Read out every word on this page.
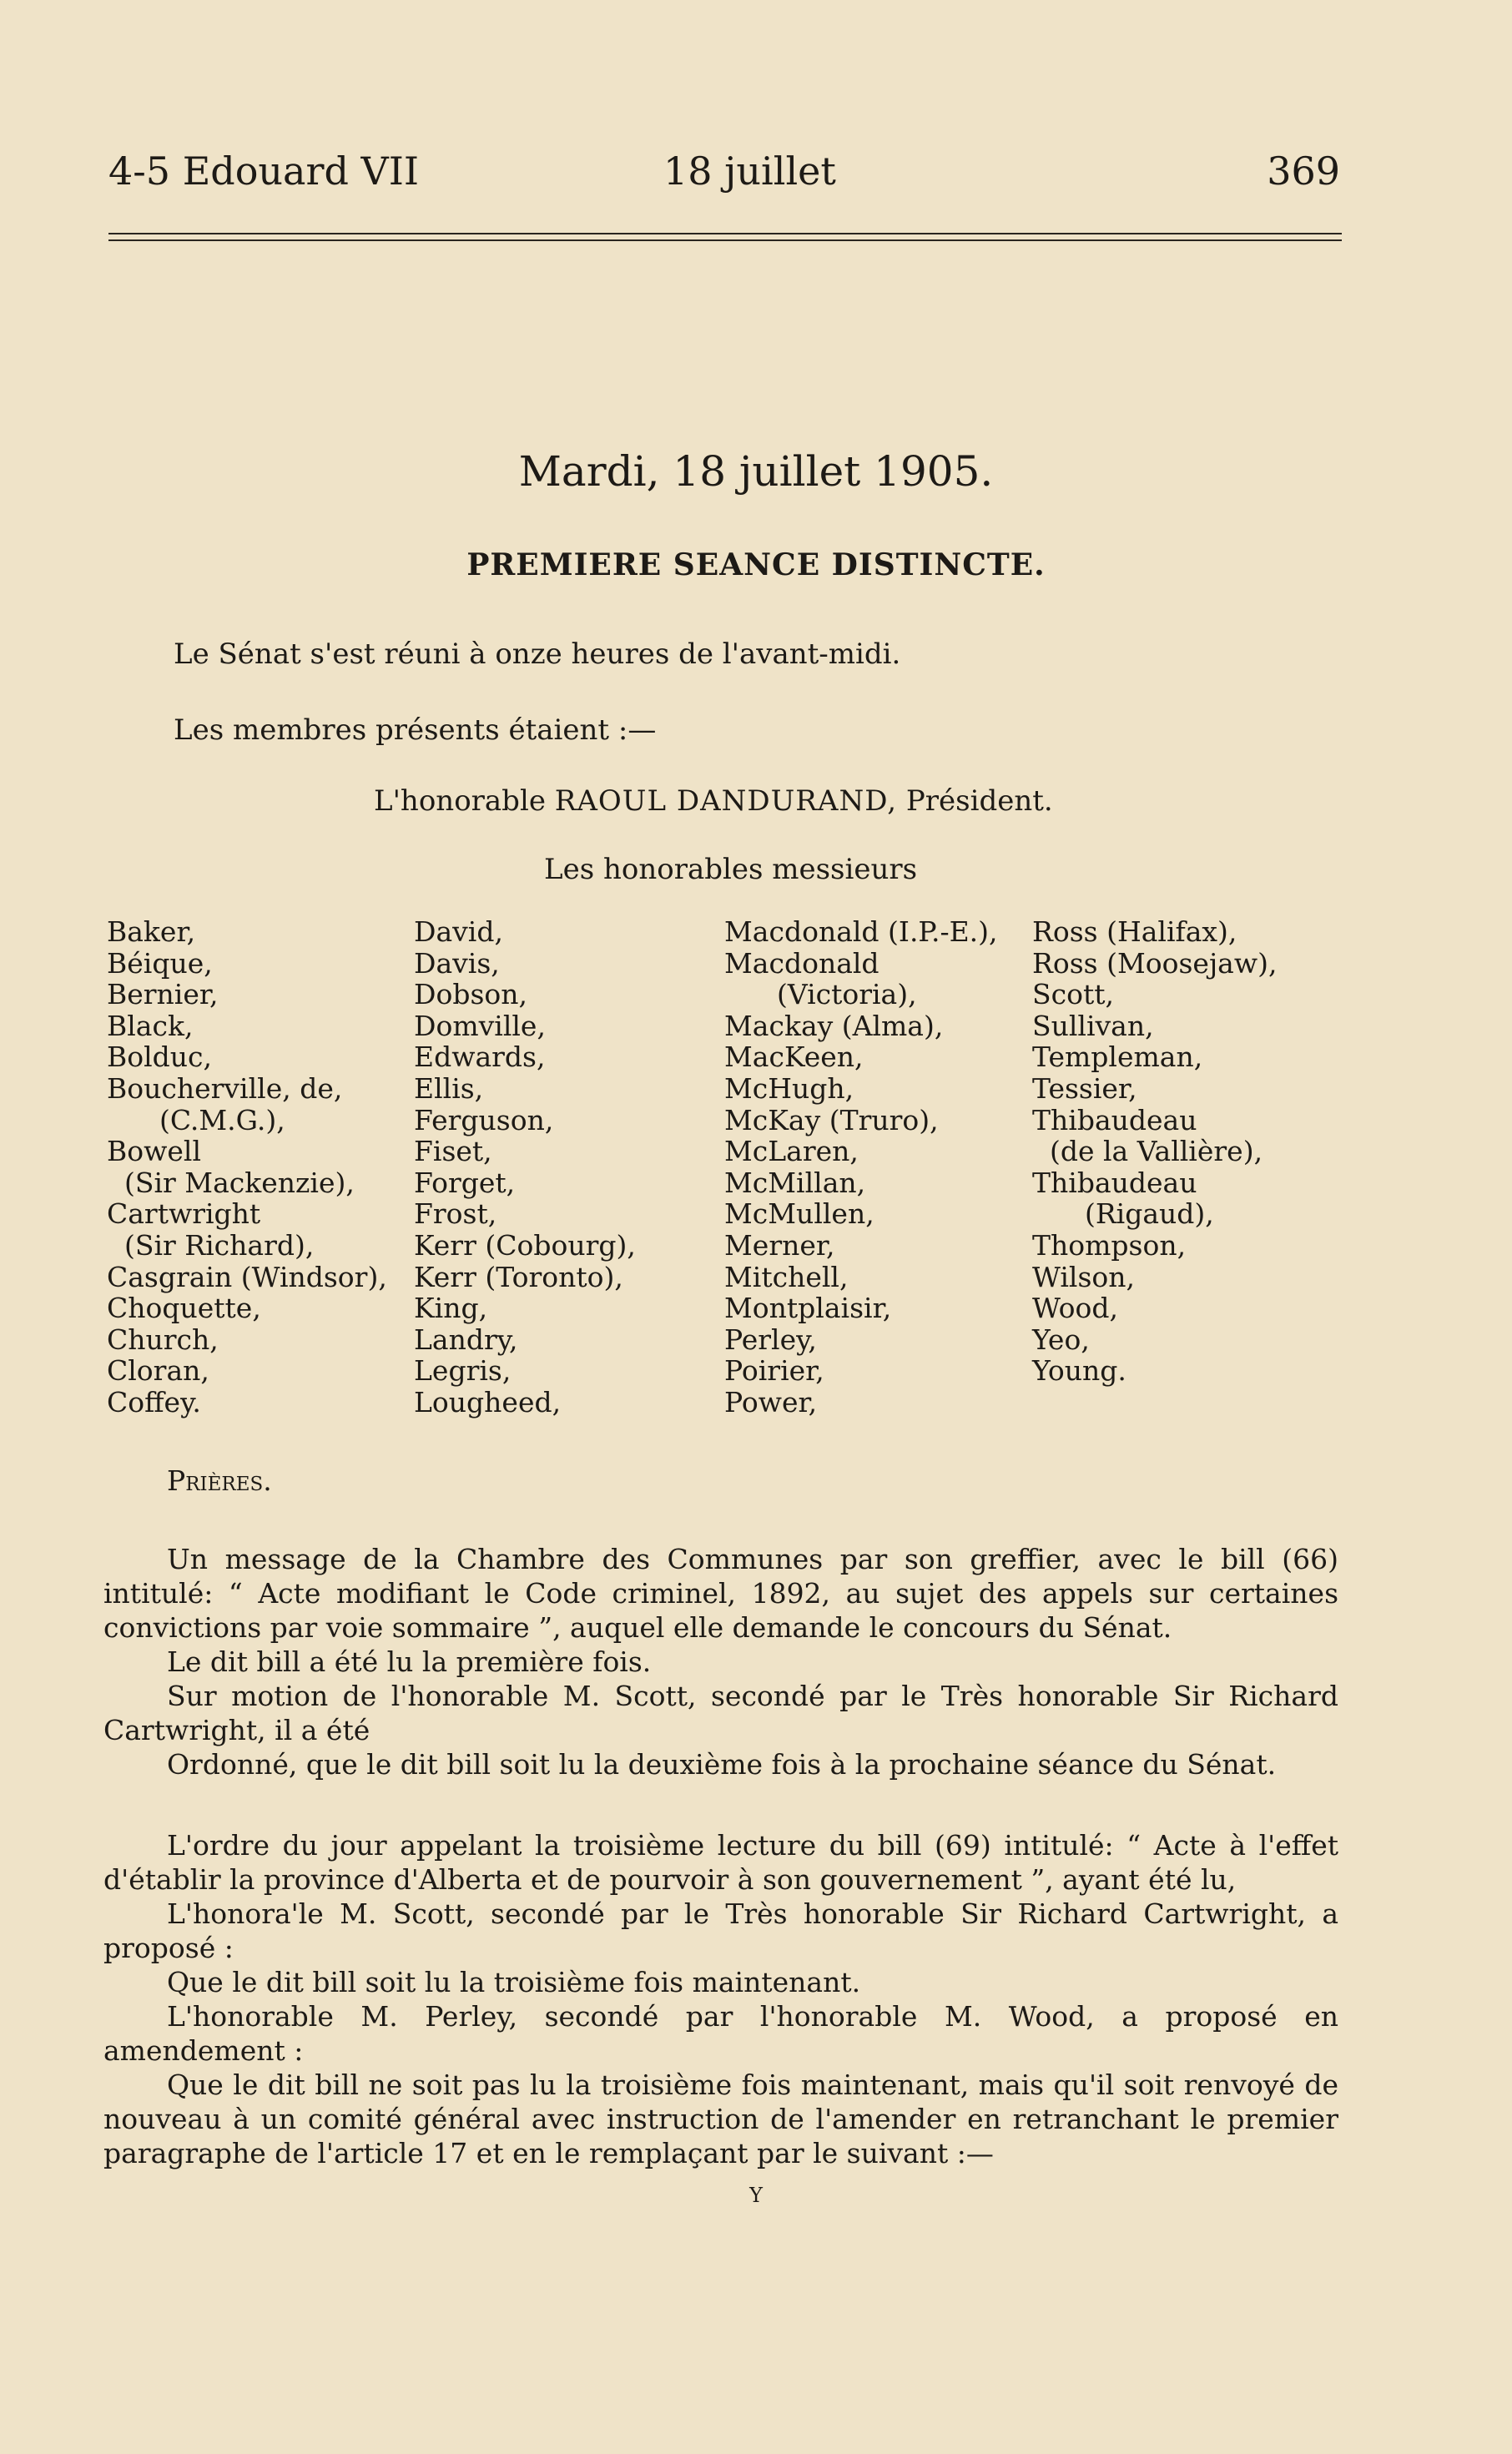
4-5 Edouard VII	18 juillet	369
Mardi, 18 juillet 1905.
PREMIERE SEANCE DISTINCTE.
Le Sénat s'est réuni à onze heures de l'avant-midi.
Les membres présents étaient :—
L'honorable RAOUL DANDURAND, Président.
Les honorables messieurs
Baker,
Béique,
Bernier,
Black,
Bolduc,
Boucherville, de,
(C.M.G.),
Bowell
(Sir Mackenzie),
Cartwright
(Sir Richard),
Casgrain (Windsor),
Choquette,
Church,
Cloran,
Coffey.
David,
Davis,
Dobson,
Domville,
Edwards,
Ellis,
Ferguson,
Fiset,
Forget,
Frost,
Kerr (Cobourg),
Kerr (Toronto),
King,
Landry,
Legris,
Lougheed,
Macdonald (I.P.-E.),
Macdonald
(Victoria),
Mackay (Alma),
MacKeen,
McHugh,
McKay (Truro),
McLaren,
McMillan,
McMullen,
Merner,
Mitchell,
Montplaisir,
Perley,
Poirier,
Power,
Ross (Halifax),
Ross (Moosejaw),
Scott,
Sullivan,
Templeman,
Tessier,
Thibaudeau
(de la Vallière),
Thibaudeau
(Rigaud),
Thompson,
Wilson,
Wood,
Yeo,
Young.
Prières.

Un message de la Chambre des Communes par son greffier, avec le bill (66) intitulé: “ Acte modifiant le Code criminel, 1892, au sujet des appels sur certaines convictions par voie sommaire ”, auquel elle demande le concours du Sénat.

Le dit bill a été lu la première fois.

Sur motion de l'honorable M. Scott, secondé par le Très honorable Sir Richard Cartwright, il a été

Ordonné, que le dit bill soit lu la deuxième fois à la prochaine séance du Sénat.

L'ordre du jour appelant la troisième lecture du bill (69) intitulé: “ Acte à l'effet d'établir la province d'Alberta et de pourvoir à son gouvernement ”, ayant été lu,

L'honora'le M. Scott, secondé par le Très honorable Sir Richard Cartwright, a proposé :

Que le dit bill soit lu la troisième fois maintenant.

L'honorable M. Perley, secondé par l'honorable M. Wood, a proposé en amendement :

Que le dit bill ne soit pas lu la troisième fois maintenant, mais qu'il soit renvoyé de nouveau à un comité général avec instruction de l'amender en retranchant le premier paragraphe de l'article 17 et en le remplaçant par le suivant :—

Y
